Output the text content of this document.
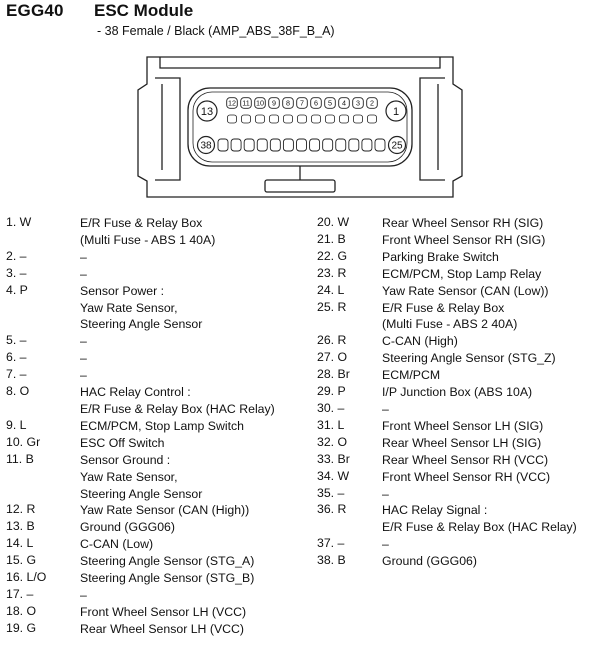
EGG40 ESC Module
- 38 Female / Black (AMP_ABS_38F_B_A)
13	1
12 11 10 9 8 7 6 5 4 3 2
38	25
1. W	E/R Fuse & Relay Box
(Multi Fuse - ABS 1 40A)
2. –	–
3. –	–
4. P	Sensor Power :
Yaw Rate Sensor,
Steering Angle Sensor
5. –	–
6. –	–
7. –	–
8. O	HAC Relay Control :
E/R Fuse & Relay Box (HAC Relay)
9. L	ECM/PCM, Stop Lamp Switch
10. Gr	ESC Off Switch
11. B	Sensor Ground :
Yaw Rate Sensor,
Steering Angle Sensor
12. R	Yaw Rate Sensor (CAN (High))
13. B	Ground (GGG06)
14. L	C-CAN (Low)
15. G	Steering Angle Sensor (STG_A)
16. L/O	Steering Angle Sensor (STG_B)
17. –	–
18. O	Front Wheel Sensor LH (VCC)
19. G	Rear Wheel Sensor LH (VCC)
20. W	Rear Wheel Sensor RH (SIG)
21. B	Front Wheel Sensor RH (SIG)
22. G	Parking Brake Switch
23. R	ECM/PCM, Stop Lamp Relay
24. L	Yaw Rate Sensor (CAN (Low))
25. R	E/R Fuse & Relay Box
(Multi Fuse - ABS 2 40A)
26. R	C-CAN (High)
27. O	Steering Angle Sensor (STG_Z)
28. Br	ECM/PCM
29. P	I/P Junction Box (ABS 10A)
30. –	–
31. L	Front Wheel Sensor LH (SIG)
32. O	Rear Wheel Sensor LH (SIG)
33. Br	Rear Wheel Sensor RH (VCC)
34. W	Front Wheel Sensor RH (VCC)
35. –	–
36. R	HAC Relay Signal :
E/R Fuse & Relay Box (HAC Relay)
37. –	–
38. B	Ground (GGG06)
